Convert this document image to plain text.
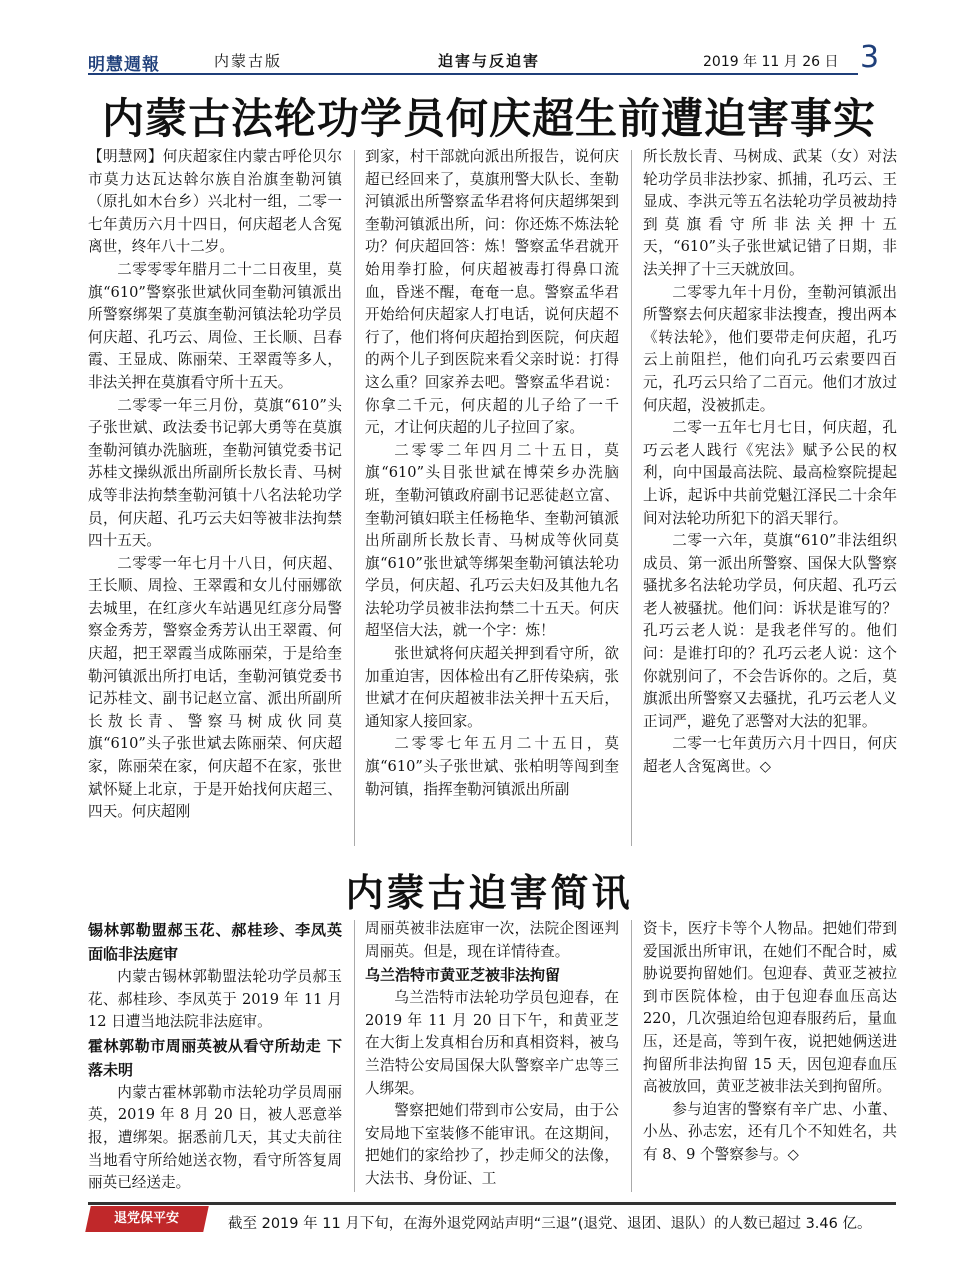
明慧週報	内蒙古版	迫害与反迫害	2019 年 11 月 26 日 3
内蒙古法轮功学员何庆超生前遭迫害事实

【明慧网】何庆超家住内蒙古呼伦贝尔市莫力达瓦达斡尔族自治旗奎勒河镇（原扎如木台乡）兴北村一组，二零一七年黄历六月十四日，何庆超老人含冤离世，终年八十二岁。

二零零零年腊月二十二日夜里，莫旗“610”警察张世斌伙同奎勒河镇派出所警察绑架了莫旗奎勒河镇法轮功学员何庆超、孔巧云、周俭、王长顺、吕春霞、王显成、陈丽荣、王翠霞等多人，非法关押在莫旗看守所十五天。

二零零一年三月份，莫旗“610”头子张世斌、政法委书记郭大勇等在莫旗奎勒河镇办洗脑班，奎勒河镇党委书记苏桂文操纵派出所副所长敖长青、马树成等非法拘禁奎勒河镇十八名法轮功学员，何庆超、孔巧云夫妇等被非法拘禁四十五天。

二零零一年七月十八日，何庆超、王长顺、周捡、王翠霞和女儿付丽娜欲去城里，在红彦火车站遇见红彦分局警察金秀芳，警察金秀芳认出王翠霞、何庆超，把王翠霞当成陈丽荣，于是给奎勒河镇派出所打电话，奎勒河镇党委书记苏桂文、副书记赵立富、派出所副所长敖长青、警察马树成伙同莫旗“610”头子张世斌去陈丽荣、何庆超家，陈丽荣在家，何庆超不在家，张世斌怀疑上北京，于是开始找何庆超三、四天。何庆超刚

到家，村干部就向派出所报告，说何庆超已经回来了，莫旗刑警大队长、奎勒河镇派出所警察孟华君将何庆超绑架到奎勒河镇派出所，问：你还炼不炼法轮功？何庆超回答：炼！警察孟华君就开始用拳打脸，何庆超被毒打得鼻口流血，昏迷不醒，奄奄一息。警察孟华君开始给何庆超家人打电话，说何庆超不行了，他们将何庆超抬到医院，何庆超的两个儿子到医院来看父亲时说：打得这么重？回家养去吧。警察孟华君说：你拿二千元，何庆超的儿子给了一千元，才让何庆超的儿子拉回了家。

二零零二年四月二十五日，莫旗“610”头目张世斌在博荣乡办洗脑班，奎勒河镇政府副书记恶徒赵立富、奎勒河镇妇联主任杨艳华、奎勒河镇派出所副所长敖长青、马树成等伙同莫旗“610”张世斌等绑架奎勒河镇法轮功学员，何庆超、孔巧云夫妇及其他九名法轮功学员被非法拘禁二十五天。何庆超坚信大法，就一个字：炼！

张世斌将何庆超关押到看守所，欲加重迫害，因体检出有乙肝传染病，张世斌才在何庆超被非法关押十五天后，通知家人接回家。

二零零七年五月二十五日，莫旗“610”头子张世斌、张柏明等闯到奎勒河镇，指挥奎勒河镇派出所副

所长敖长青、马树成、武某（女）对法轮功学员非法抄家、抓捕，孔巧云、王显成、李洪元等五名法轮功学员被劫持到莫旗看守所非法关押十五天，“610”头子张世斌记错了日期，非法关押了十三天就放回。

二零零九年十月份，奎勒河镇派出所警察去何庆超家非法搜查，搜出两本《转法轮》，他们要带走何庆超，孔巧云上前阻拦，他们向孔巧云索要四百元，孔巧云只给了二百元。他们才放过何庆超，没被抓走。

二零一五年七月七日，何庆超，孔巧云老人践行《宪法》赋予公民的权利，向中国最高法院、最高检察院提起上诉，起诉中共前党魁江泽民二十余年间对法轮功所犯下的滔天罪行。

二零一六年，莫旗“610”非法组织成员、第一派出所警察、国保大队警察骚扰多名法轮功学员，何庆超、孔巧云老人被骚扰。他们问：诉状是谁写的？孔巧云老人说：是我老伴写的。他们问：是谁打印的？孔巧云老人说：这个你就别问了，不会告诉你的。之后，莫旗派出所警察又去骚扰，孔巧云老人义正词严，避免了恶警对大法的犯罪。

二零一七年黄历六月十四日，何庆超老人含冤离世。◇

内蒙古迫害简讯

锡林郭勒盟郝玉花、郝桂珍、李凤英面临非法庭审

内蒙古锡林郭勒盟法轮功学员郝玉花、郝桂珍、李凤英于 2019 年 11 月 12 日遭当地法院非法庭审。

霍林郭勒市周丽英被从看守所劫走 下落未明

内蒙古霍林郭勒市法轮功学员周丽英，2019 年 8 月 20 日，被人恶意举报，遭绑架。据悉前几天，其丈夫前往当地看守所给她送衣物，看守所答复周丽英已经送走。

周丽英被非法庭审一次，法院企图诬判周丽英。但是，现在详情待查。

乌兰浩特市黄亚芝被非法拘留

乌兰浩特市法轮功学员包迎春，在 2019 年 11 月 20 日下午，和黄亚芝在大街上发真相台历和真相资料，被乌兰浩特公安局国保大队警察辛广忠等三人绑架。

警察把她们带到市公安局，由于公安局地下室装修不能审讯。在这期间，把她们的家给抄了，抄走师父的法像，大法书、身份证、工

资卡，医疗卡等个人物品。把她们带到爱国派出所审讯，在她们不配合时，威胁说要拘留她们。包迎春、黄亚芝被拉到市医院体检，由于包迎春血压高达 220，几次强迫给包迎春服药后，量血压，还是高，等到午夜，说把她俩送进拘留所非法拘留 15 天，因包迎春血压高被放回，黄亚芝被非法关到拘留所。

参与迫害的警察有辛广忠、小董、小丛、孙志宏，还有几个不知姓名，共有 8、9 个警察参与。◇

退党保平安	截至 2019 年 11 月下旬，在海外退党网站声明“三退”(退党、退团、退队）的人数已超过 3.46 亿。
